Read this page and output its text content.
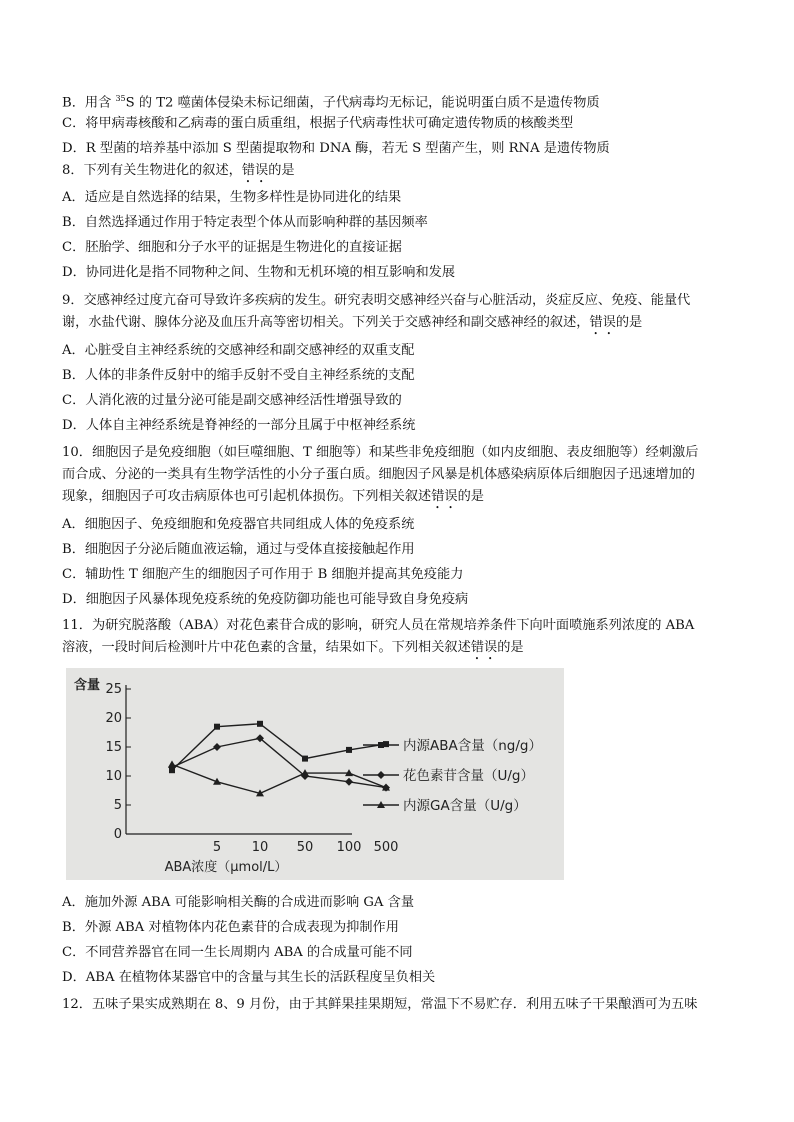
B．用含 $^{35}$S 的 T2 噬菌体侵染未标记细菌，子代病毒均无标记，能说明蛋白质不是遗传物质
C．将甲病毒核酸和乙病毒的蛋白质重组，根据子代病毒性状可确定遗传物质的核酸类型
D．R 型菌的培养基中添加 S 型菌提取物和 DNA 酶，若无 S 型菌产生，则 RNA 是遗传物质
8．下列有关生物进化的叙述，错误的是
A．适应是自然选择的结果，生物多样性是协同进化的结果
B．自然选择通过作用于特定表型个体从而影响种群的基因频率
C．胚胎学、细胞和分子水平的证据是生物进化的直接证据
D．协同进化是指不同物种之间、生物和无机环境的相互影响和发展
9．交感神经过度亢奋可导致许多疾病的发生。研究表明交感神经兴奋与心脏活动，炎症反应、免疫、能量代
谢，水盐代谢、腺体分泌及血压升高等密切相关。下列关于交感神经和副交感神经的叙述，错误的是
A．心脏受自主神经系统的交感神经和副交感神经的双重支配
B．人体的非条件反射中的缩手反射不受自主神经系统的支配
C．人消化液的过量分泌可能是副交感神经活性增强导致的
D．人体自主神经系统是脊神经的一部分且属于中枢神经系统
10．细胞因子是免疫细胞（如巨噬细胞、T 细胞等）和某些非免疫细胞（如内皮细胞、表皮细胞等）经刺激后
而合成、分泌的一类具有生物学活性的小分子蛋白质。细胞因子风暴是机体感染病原体后细胞因子迅速增加的
现象，细胞因子可攻击病原体也可引起机体损伤。下列相关叙述错误的是
A．细胞因子、免疫细胞和免疫器官共同组成人体的免疫系统
B．细胞因子分泌后随血液运输，通过与受体直接接触起作用
C．辅助性 T 细胞产生的细胞因子可作用于 B 细胞并提高其免疫能力
D．细胞因子风暴体现免疫系统的免疫防御功能也可能导致自身免疫病
11．为研究脱落酸（ABA）对花色素苷合成的影响，研究人员在常规培养条件下向叶面喷施系列浓度的 ABA
溶液，一段时间后检测叶片中花色素的含量，结果如下。下列相关叙述错误的是
A．施加外源 ABA 可能影响相关酶的合成进而影响 GA 含量
B．外源 ABA 对植物体内花色素苷的合成表现为抑制作用
C．不同营养器官在同一生长周期内 ABA 的合成量可能不同
D．ABA 在植物体某器官中的含量与其生长的活跃程度呈负相关
12．五味子果实成熟期在 8、9 月份，由于其鲜果挂果期短，常温下不易贮存．利用五味子干果酿酒可为五味
0
5
10
15
20
25
含量
5 10 50 100 500
ABA浓度（μmol/L）
内源ABA含量（ng/g）
花色素苷含量（U/g）
内源GA含量（U/g）
